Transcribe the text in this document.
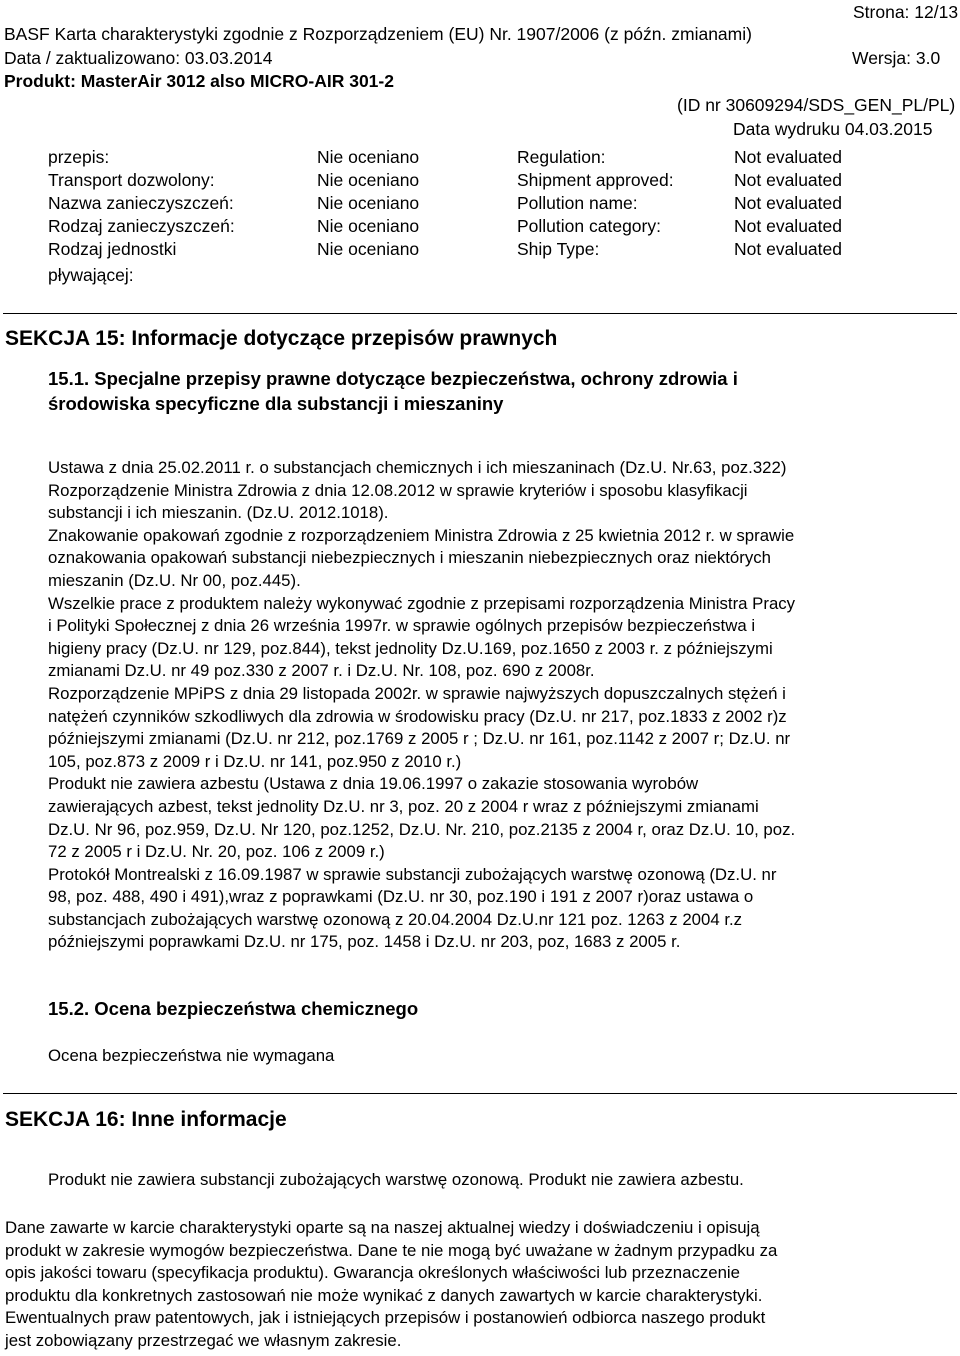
Strona: 12/13
BASF Karta charakterystyki zgodnie z Rozporządzeniem (EU) Nr. 1907/2006 (z późn. zmianami)
Data / zaktualizowano: 03.03.2014	Wersja: 3.0
Produkt: MasterAir 3012 also MICRO-AIR 301-2
(ID nr 30609294/SDS_GEN_PL/PL)
Data wydruku 04.03.2015
przepis:	Nie oceniano	Regulation:	Not evaluated
Transport dozwolony:	Nie oceniano	Shipment approved:	Not evaluated
Nazwa zanieczyszczeń:	Nie oceniano	Pollution name:	Not evaluated
Rodzaj zanieczyszczeń:	Nie oceniano	Pollution category:	Not evaluated
Rodzaj jednostki	Nie oceniano	Ship Type:	Not evaluated
pływającej:
SEKCJA 15: Informacje dotyczące przepisów prawnych
15.1. Specjalne przepisy prawne dotyczące bezpieczeństwa, ochrony zdrowia i
środowiska specyficzne dla substancji i mieszaniny

Ustawa z dnia 25.02.2011 r. o substancjach chemicznych i ich mieszaninach (Dz.U. Nr.63, poz.322)

Rozporządzenie Ministra Zdrowia z dnia 12.08.2012 w sprawie kryteriów i sposobu klasyfikacji

substancji i ich mieszanin. (Dz.U. 2012.1018).

Znakowanie opakowań zgodnie z rozporządzeniem Ministra Zdrowia z 25 kwietnia 2012 r. w sprawie

oznakowania opakowań substancji niebezpiecznych i mieszanin niebezpiecznych oraz niektórych

mieszanin (Dz.U. Nr 00, poz.445).

Wszelkie prace z produktem należy wykonywać zgodnie z przepisami rozporządzenia Ministra Pracy

i Polityki Społecznej z dnia 26 września 1997r. w sprawie ogólnych przepisów bezpieczeństwa i

higieny pracy (Dz.U. nr 129, poz.844), tekst jednolity Dz.U.169, poz.1650 z 2003 r. z późniejszymi

zmianami Dz.U. nr 49 poz.330 z 2007 r. i Dz.U. Nr. 108, poz. 690 z 2008r.

Rozporządzenie MPiPS z dnia 29 listopada 2002r. w sprawie najwyższych dopuszczalnych stężeń i

natężeń czynników szkodliwych dla zdrowia w środowisku pracy (Dz.U. nr 217, poz.1833 z 2002 r)z

późniejszymi zmianami (Dz.U. nr 212, poz.1769 z 2005 r ; Dz.U. nr 161, poz.1142 z 2007 r; Dz.U. nr

105, poz.873 z 2009 r i Dz.U. nr 141, poz.950 z 2010 r.)

Produkt nie zawiera azbestu (Ustawa z dnia 19.06.1997 o zakazie stosowania wyrobów

zawierających azbest, tekst jednolity Dz.U. nr 3, poz. 20 z 2004 r wraz z późniejszymi zmianami

Dz.U. Nr 96, poz.959, Dz.U. Nr 120, poz.1252, Dz.U. Nr. 210, poz.2135 z 2004 r, oraz Dz.U. 10, poz.

72 z 2005 r i Dz.U. Nr. 20, poz. 106 z 2009 r.)

Protokół Montrealski z 16.09.1987 w sprawie substancji zubożających warstwę ozonową (Dz.U. nr

98, poz. 488, 490 i 491),wraz z poprawkami (Dz.U. nr 30, poz.190 i 191 z 2007 r)oraz ustawa o

substancjach zubożających warstwę ozonową z 20.04.2004 Dz.U.nr 121 poz. 1263 z 2004 r.z

późniejszymi poprawkami Dz.U. nr 175, poz. 1458 i Dz.U. nr 203, poz, 1683 z 2005 r.

15.2. Ocena bezpieczeństwa chemicznego
Ocena bezpieczeństwa nie wymagana
SEKCJA 16: Inne informacje
Produkt nie zawiera substancji zubożających warstwę ozonową. Produkt nie zawiera azbestu.

Dane zawarte w karcie charakterystyki oparte są na naszej aktualnej wiedzy i doświadczeniu i opisują

produkt w zakresie wymogów bezpieczeństwa. Dane te nie mogą być uważane w żadnym przypadku za

opis jakości towaru (specyfikacja produktu). Gwarancja określonych właściwości lub przeznaczenie

produktu dla konkretnych zastosowań nie może wynikać z danych zawartych w karcie charakterystyki.

Ewentualnych praw patentowych, jak i istniejących przepisów i postanowień odbiorca naszego produkt

jest zobowiązany przestrzegać we własnym zakresie.
